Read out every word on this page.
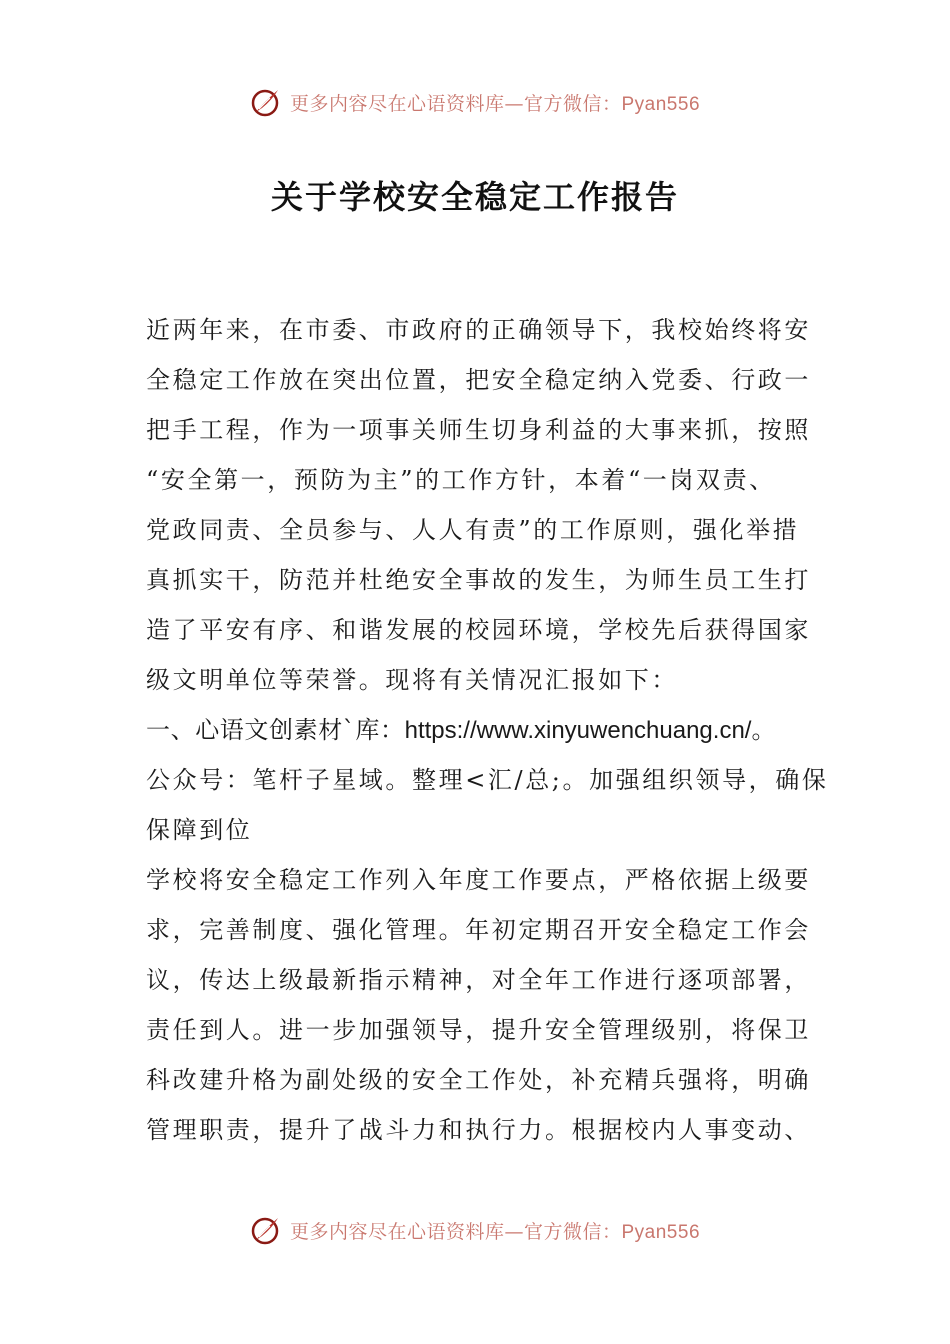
更多内容尽在心语资料库—官方微信：Pyan556
关于学校安全稳定工作报告
近两年来，在市委、市政府的正确领导下，我校始终将安
全稳定工作放在突出位置，把安全稳定纳入党委、行政一
把手工程，作为一项事关师生切身利益的大事来抓，按照
“安全第一，预防为主”的工作方针，本着“一岗双责、
党政同责、全员参与、人人有责”的工作原则，强化举措
真抓实干，防范并杜绝安全事故的发生，为师生员工生打
造了平安有序、和谐发展的校园环境，学校先后获得国家
级文明单位等荣誉。现将有关情况汇报如下：
一、心语文创素材`库：https://www.xinyuwenchuang.cn/。
公众号：笔杆子星域。整理<汇/总;。加强组织领导，确保
保障到位
学校将安全稳定工作列入年度工作要点，严格依据上级要
求，完善制度、强化管理。年初定期召开安全稳定工作会
议，传达上级最新指示精神，对全年工作进行逐项部署，
责任到人。进一步加强领导，提升安全管理级别，将保卫
科改建升格为副处级的安全工作处，补充精兵强将，明确
管理职责，提升了战斗力和执行力。根据校内人事变动、
更多内容尽在心语资料库—官方微信：Pyan556
